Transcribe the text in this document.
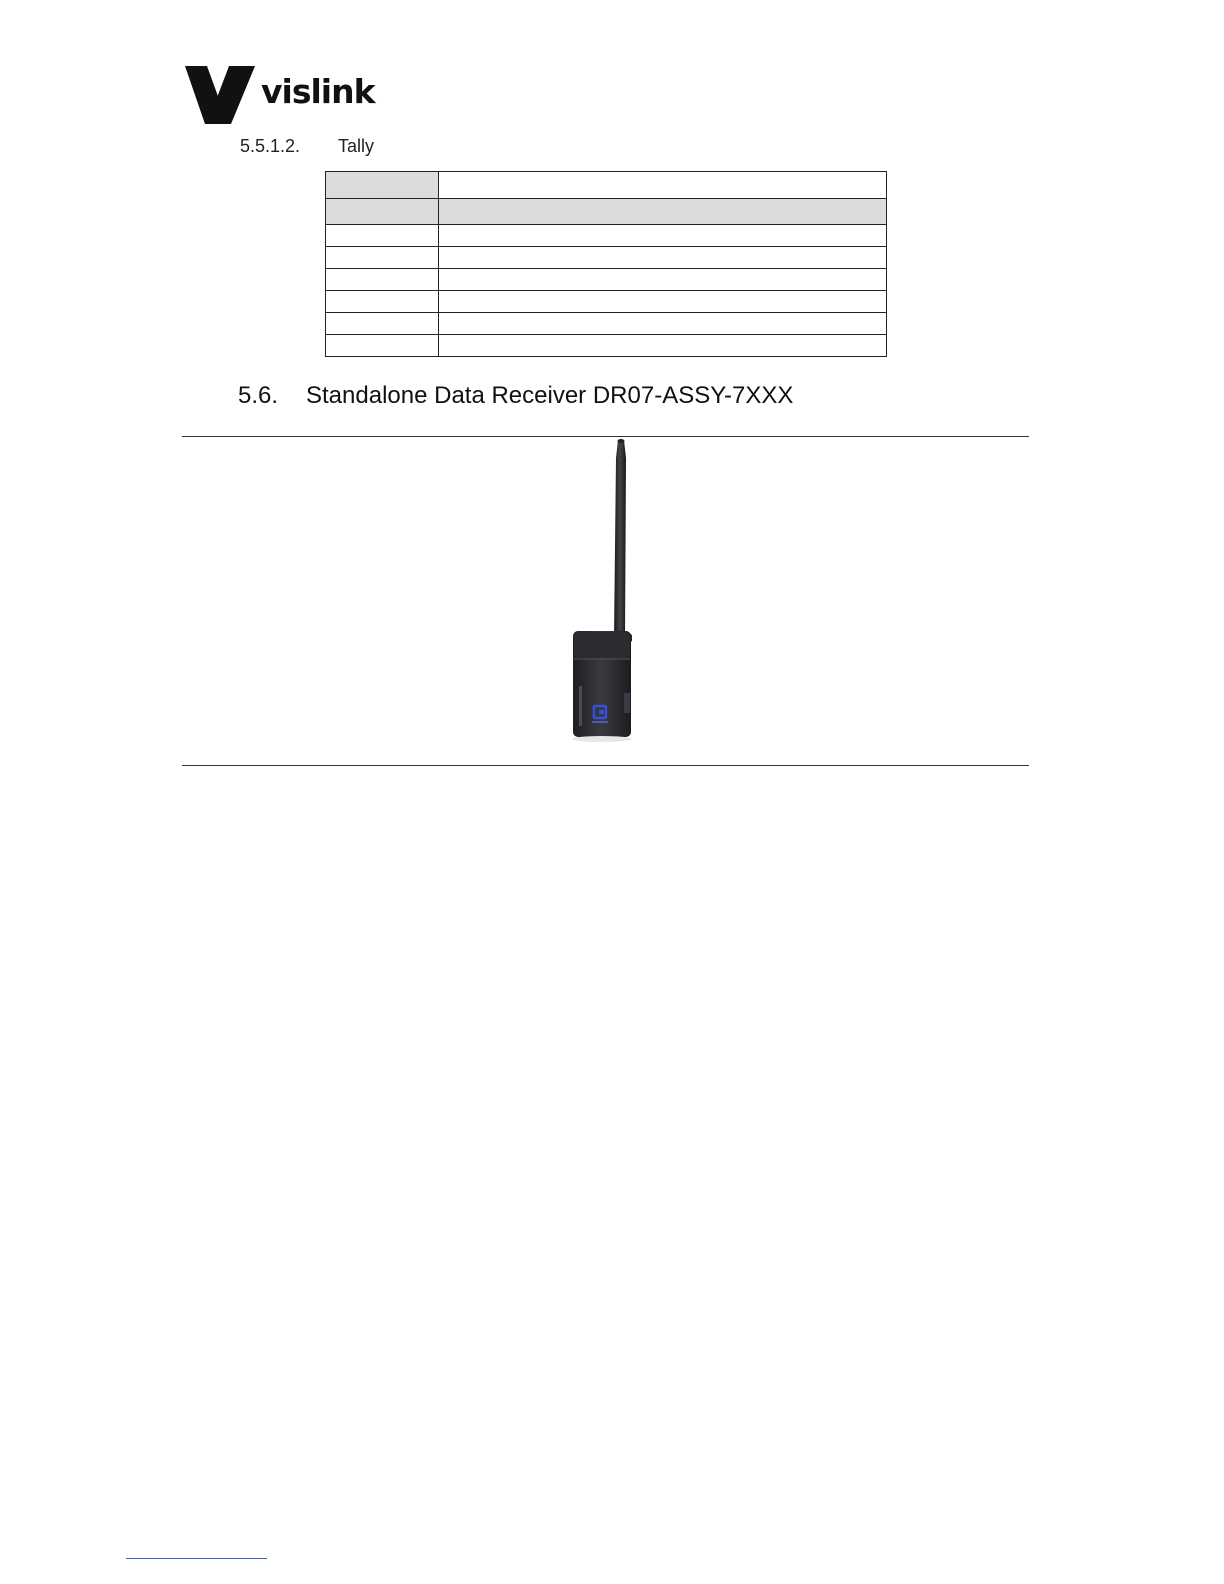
vislink
5.5.1.2. Tally

5.6. Standalone Data Receiver DR07-ASSY-7XXX
